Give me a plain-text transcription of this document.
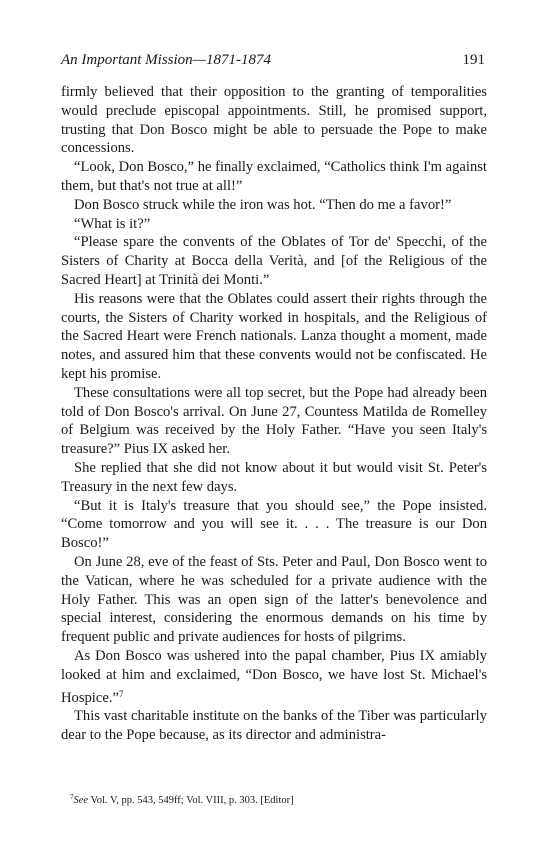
An Important Mission—1871-1874	191

firmly believed that their opposition to the granting of temporalities would preclude episcopal appointments. Still, he promised support, trusting that Don Bosco might be able to persuade the Pope to make concessions.

“Look, Don Bosco,” he finally exclaimed, “Catholics think I'm against them, but that's not true at all!”

Don Bosco struck while the iron was hot. “Then do me a favor!”

“What is it?”

“Please spare the convents of the Oblates of Tor de' Specchi, of the Sisters of Charity at Bocca della Verità, and [of the Religious of the Sacred Heart] at Trinità dei Monti.”

His reasons were that the Oblates could assert their rights through the courts, the Sisters of Charity worked in hospitals, and the Religious of the Sacred Heart were French nationals. Lanza thought a moment, made notes, and assured him that these convents would not be confiscated. He kept his promise.

These consultations were all top secret, but the Pope had already been told of Don Bosco's arrival. On June 27, Countess Matilda de Romelley of Belgium was received by the Holy Father. “Have you seen Italy's treasure?” Pius IX asked her.

She replied that she did not know about it but would visit St. Peter's Treasury in the next few days.

“But it is Italy's treasure that you should see,” the Pope insisted. “Come tomorrow and you will see it. . . . The treasure is our Don Bosco!”

On June 28, eve of the feast of Sts. Peter and Paul, Don Bosco went to the Vatican, where he was scheduled for a private audience with the Holy Father. This was an open sign of the latter's benevolence and special interest, considering the enormous demands on his time by frequent public and private audiences for hosts of pilgrims.

As Don Bosco was ushered into the papal chamber, Pius IX amiably looked at him and exclaimed, “Don Bosco, we have lost St. Michael's Hospice.”$^7$

This vast charitable institute on the banks of the Tiber was particularly dear to the Pope because, as its director and administra-

$^7$See Vol. V, pp. 543, 549ff; Vol. VIII, p. 303. [Editor]
